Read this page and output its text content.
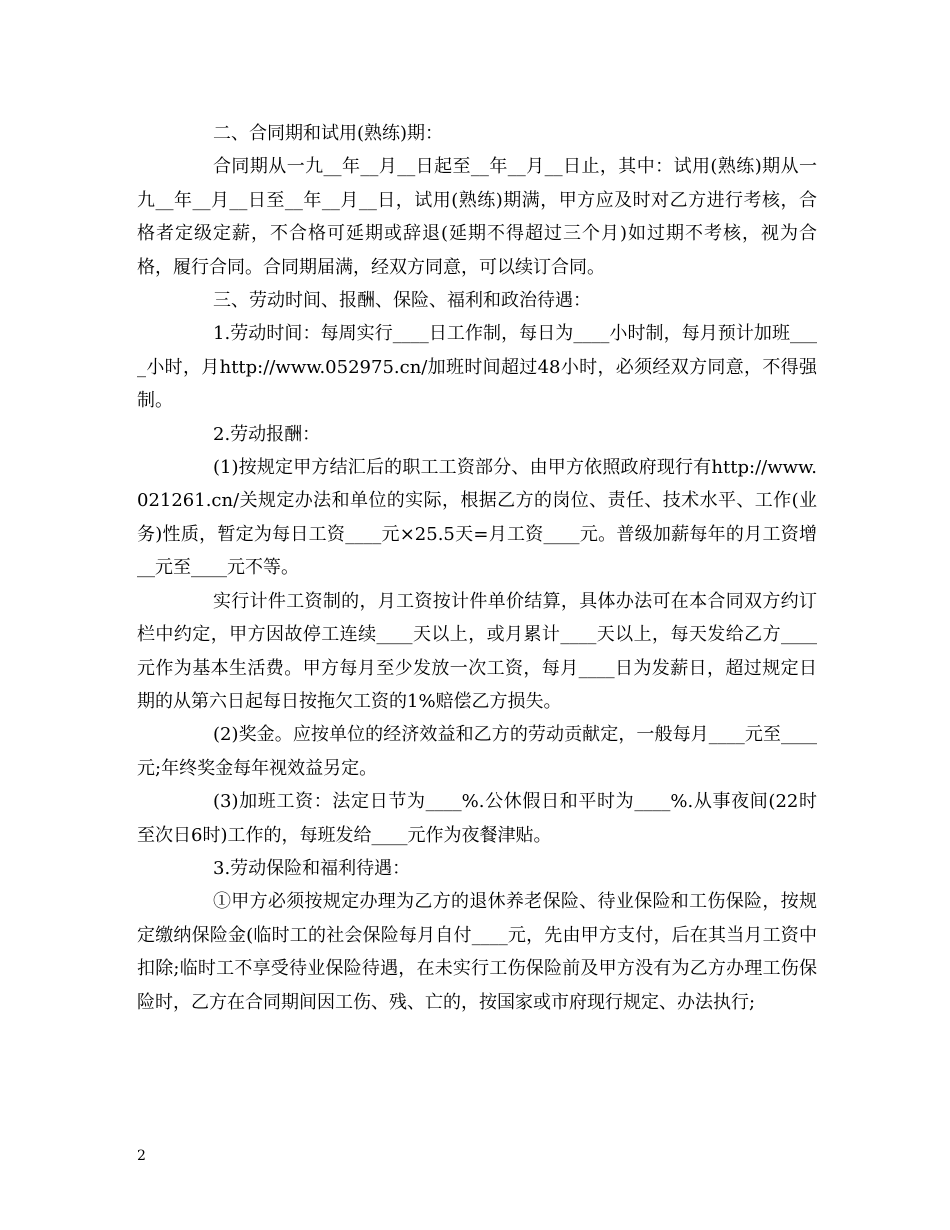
二、合同期和试用(熟练)期：

合同期从一九__年__月__日起至__年__月__日止，其中：试用(熟练)期从一九__年__月__日至__年__月__日，试用(熟练)期满，甲方应及时对乙方进行考核，合格者定级定薪，不合格可延期或辞退(延期不得超过三个月)如过期不考核，视为合格，履行合同。合同期届满，经双方同意，可以续订合同。

三、劳动时间、报酬、保险、福利和政治待遇：

1.劳动时间：每周实行____日工作制，每日为____小时制，每月预计加班____小时，月http://www.052975.cn/加班时间超过48小时，必须经双方同意，不得强制。

2.劳动报酬：

(1)按规定甲方结汇后的职工工资部分、由甲方依照政府现行有http://www.021261.cn/关规定办法和单位的实际，根据乙方的岗位、责任、技术水平、工作(业务)性质，暂定为每日工资____元×25.5天=月工资____元。普级加薪每年的月工资增__元至____元不等。

实行计件工资制的，月工资按计件单价结算，具体办法可在本合同双方约订栏中约定，甲方因故停工连续____天以上，或月累计____天以上，每天发给乙方____元作为基本生活费。甲方每月至少发放一次工资，每月____日为发薪日，超过规定日期的从第六日起每日按拖欠工资的1%赔偿乙方损失。

(2)奖金。应按单位的经济效益和乙方的劳动贡献定，一般每月____元至____元;年终奖金每年视效益另定。

(3)加班工资：法定日节为____%.公休假日和平时为____%.从事夜间(22时至次日6时)工作的，每班发给____元作为夜餐津贴。

3.劳动保险和福利待遇：

①甲方必须按规定办理为乙方的退休养老保险、待业保险和工伤保险，按规定缴纳保险金(临时工的社会保险每月自付____元，先由甲方支付，后在其当月工资中扣除;临时工不享受待业保险待遇，在未实行工伤保险前及甲方没有为乙方办理工伤保险时，乙方在合同期间因工伤、残、亡的，按国家或市府现行规定、办法执行;

2
